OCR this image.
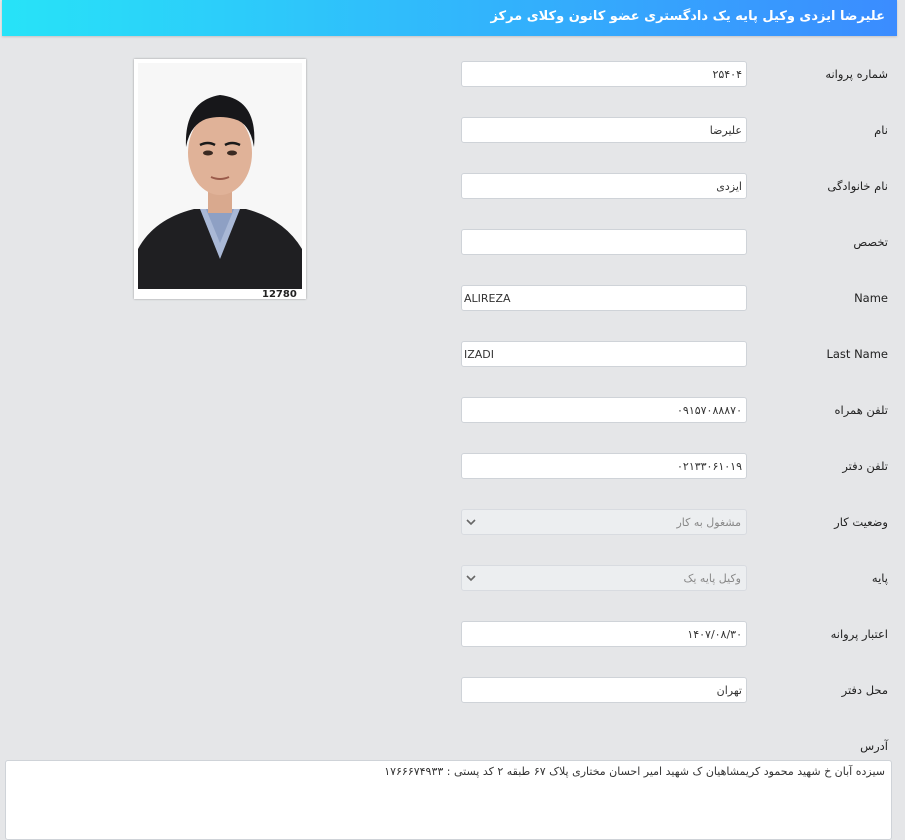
علیرضا ایزدی وکیل پایه یک دادگستری عضو کانون وکلای مرکز
12780
شماره پروانه
۲۵۴۰۴
نام
علیرضا
نام خانوادگی
ایزدی
تخصص
Name
ALIREZA
Last Name
IZADI
تلفن همراه
۰۹۱۵۷۰۸۸۸۷۰
تلفن دفتر
۰۲۱۳۳۰۶۱۰۱۹
وضعیت کار
مشغول به کار
پایه
وکیل پایه یک
اعتبار پروانه
۱۴۰۷/۰۸/۳۰
محل دفتر
تهران
آدرس
سیزده آبان خ شهید محمود کریمشاهیان ک شهید امیر احسان مختاری پلاک ۶۷ طبقه ۲ کد پستی : ۱۷۶۶۶۷۴۹۳۳
